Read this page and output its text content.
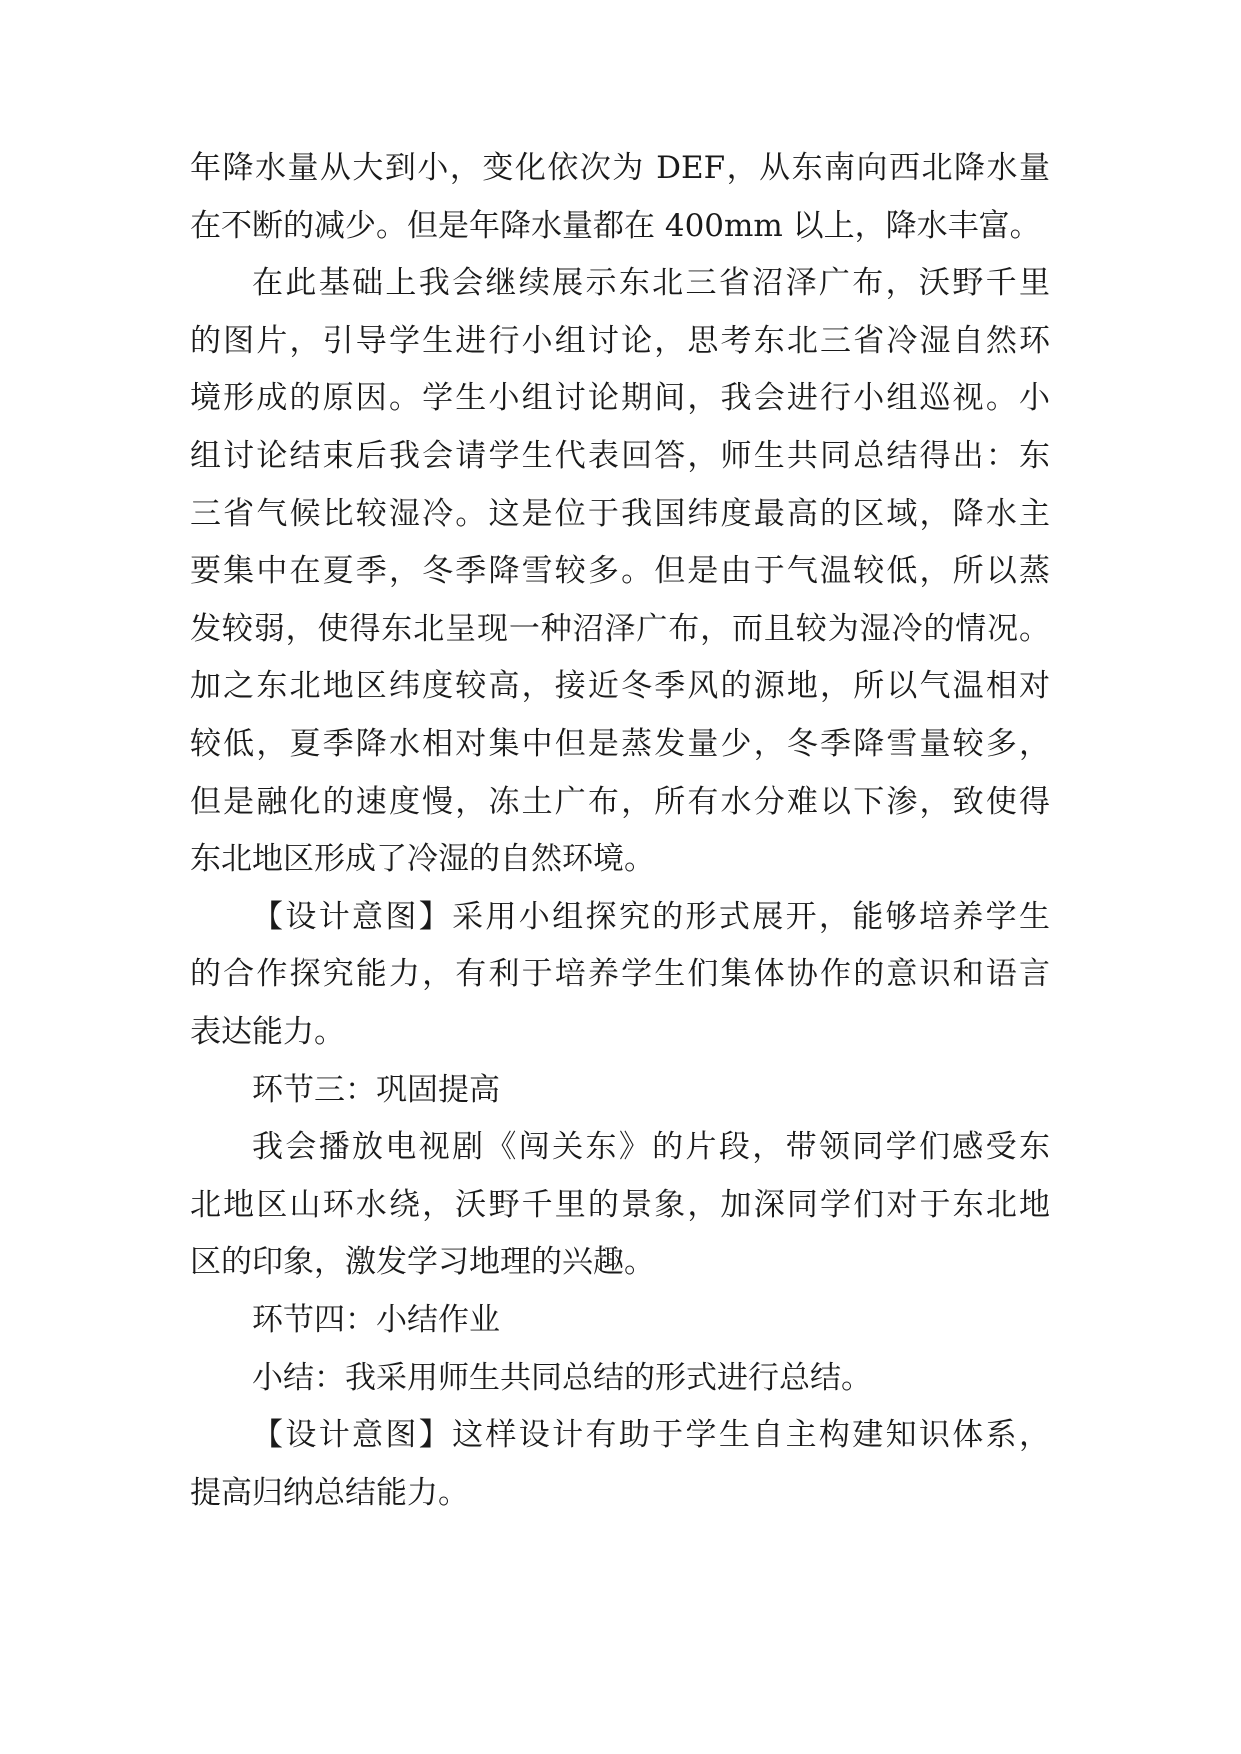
年降水量从大到小，变化依次为 DEF，从东南向西北降水量
在不断的减少。但是年降水量都在 400mm 以上，降水丰富。
在此基础上我会继续展示东北三省沼泽广布，沃野千里
的图片，引导学生进行小组讨论，思考东北三省冷湿自然环
境形成的原因。学生小组讨论期间，我会进行小组巡视。小
组讨论结束后我会请学生代表回答，师生共同总结得出：东
三省气候比较湿冷。这是位于我国纬度最高的区域，降水主
要集中在夏季，冬季降雪较多。但是由于气温较低，所以蒸
发较弱，使得东北呈现一种沼泽广布，而且较为湿冷的情况。
加之东北地区纬度较高，接近冬季风的源地，所以气温相对
较低，夏季降水相对集中但是蒸发量少，冬季降雪量较多，
但是融化的速度慢，冻土广布，所有水分难以下渗，致使得
东北地区形成了冷湿的自然环境。
【设计意图】采用小组探究的形式展开，能够培养学生
的合作探究能力，有利于培养学生们集体协作的意识和语言
表达能力。
环节三：巩固提高
我会播放电视剧《闯关东》的片段，带领同学们感受东
北地区山环水绕，沃野千里的景象，加深同学们对于东北地
区的印象，激发学习地理的兴趣。
环节四：小结作业
小结：我采用师生共同总结的形式进行总结。
【设计意图】这样设计有助于学生自主构建知识体系，
提高归纳总结能力。
